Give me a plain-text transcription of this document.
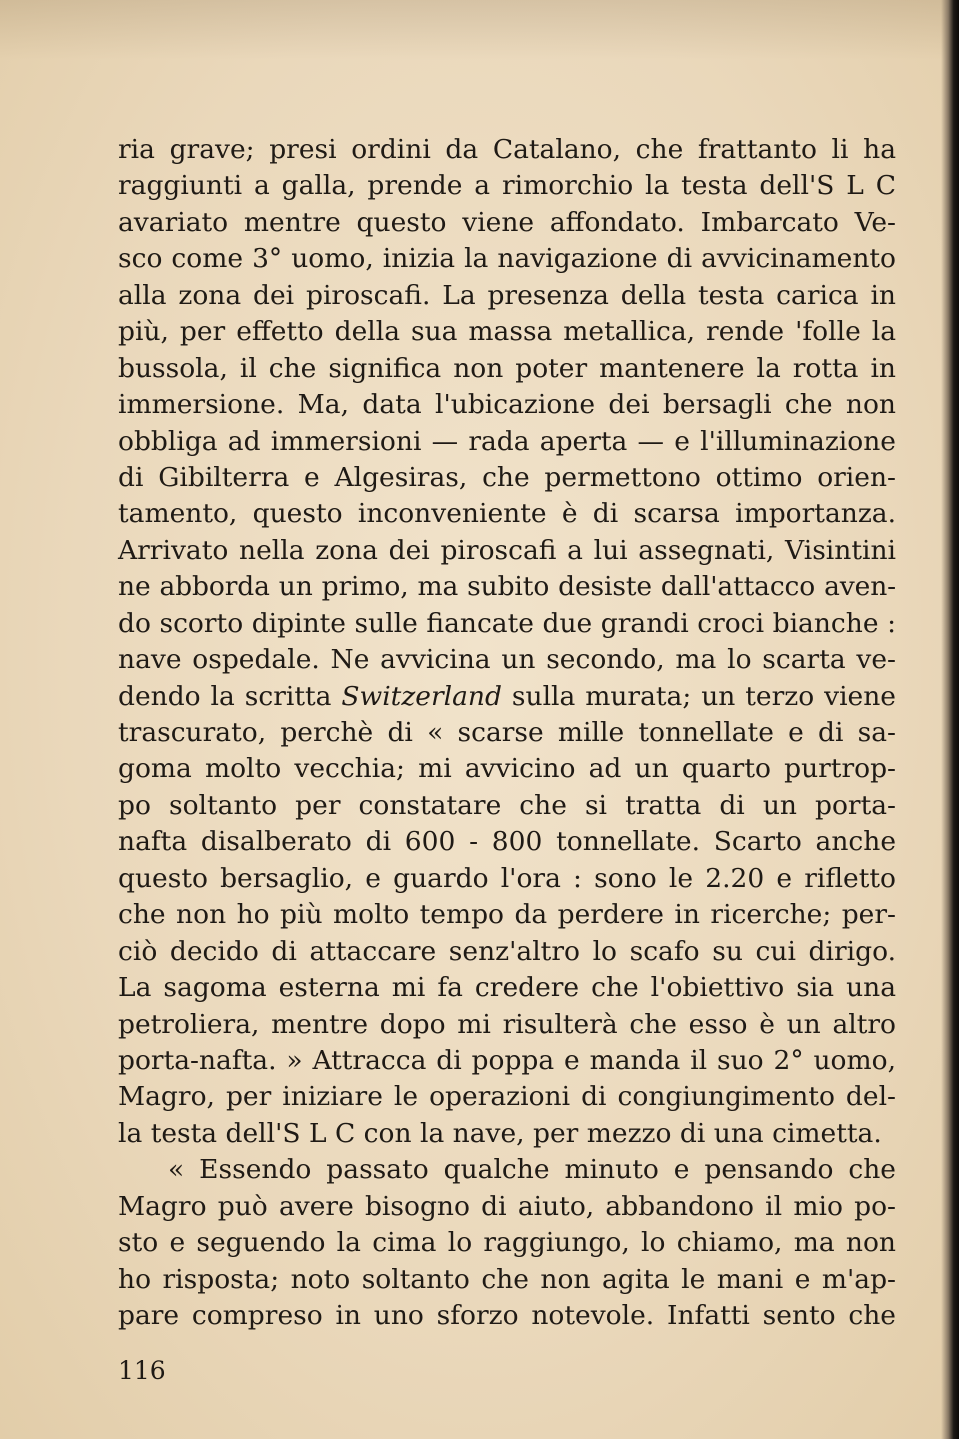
ria grave; presi ordini da Catalano, che frattanto li ha
raggiunti a galla, prende a rimorchio la testa dell'S L C
avariato mentre questo viene affondato. Imbarcato Ve-
sco come 3° uomo, inizia la navigazione di avvicinamento
alla zona dei piroscafi. La presenza della testa carica in
più, per effetto della sua massa metallica, rende 'folle la
bussola, il che significa non poter mantenere la rotta in
immersione. Ma, data l'ubicazione dei bersagli che non
obbliga ad immersioni — rada aperta — e l'illuminazione
di Gibilterra e Algesiras, che permettono ottimo orien-
tamento, questo inconveniente è di scarsa importanza.
Arrivato nella zona dei piroscafi a lui assegnati, Visintini
ne abborda un primo, ma subito desiste dall'attacco aven-
do scorto dipinte sulle fiancate due grandi croci bianche :
nave ospedale. Ne avvicina un secondo, ma lo scarta ve-
dendo la scritta Switzerland sulla murata; un terzo viene
trascurato, perchè di « scarse mille tonnellate e di sa-
goma molto vecchia; mi avvicino ad un quarto purtrop-
po soltanto per constatare che si tratta di un porta-
nafta disalberato di 600 - 800 tonnellate. Scarto anche
questo bersaglio, e guardo l'ora : sono le 2.20 e rifletto
che non ho più molto tempo da perdere in ricerche; per-
ciò decido di attaccare senz'altro lo scafo su cui dirigo.
La sagoma esterna mi fa credere che l'obiettivo sia una
petroliera, mentre dopo mi risulterà che esso è un altro
porta-nafta. » Attracca di poppa e manda il suo 2° uomo,
Magro, per iniziare le operazioni di congiungimento del-
la testa dell'S L C con la nave, per mezzo di una cimetta.
« Essendo passato qualche minuto e pensando che
Magro può avere bisogno di aiuto, abbandono il mio po-
sto e seguendo la cima lo raggiungo, lo chiamo, ma non
ho risposta; noto soltanto che non agita le mani e m'ap-
pare compreso in uno sforzo notevole. Infatti sento che
116
